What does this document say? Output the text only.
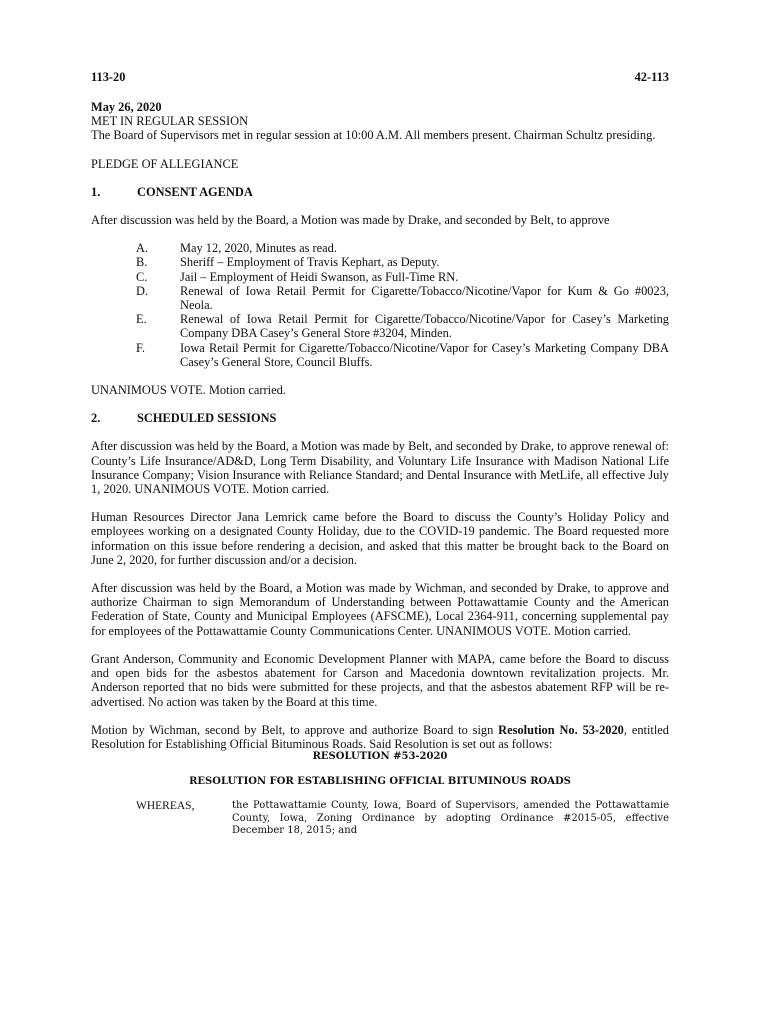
113-20	42-113
May 26, 2020
MET IN REGULAR SESSION

The Board of Supervisors met in regular session at 10:00 A.M. All members present. Chairman Schultz presiding.

PLEDGE OF ALLEGIANCE
1.	CONSENT AGENDA

After discussion was held by the Board, a Motion was made by Drake, and seconded by Belt, to approve

A.	May 12, 2020, Minutes as read.
B.	Sheriff – Employment of Travis Kephart, as Deputy.
C.	Jail – Employment of Heidi Swanson, as Full-Time RN.
D.	Renewal of Iowa Retail Permit for Cigarette/Tobacco/Nicotine/Vapor for Kum & Go #0023, Neola.
E.	Renewal of Iowa Retail Permit for Cigarette/Tobacco/Nicotine/Vapor for Casey’s Marketing Company DBA Casey’s General Store #3204, Minden.
F.	Iowa Retail Permit for Cigarette/Tobacco/Nicotine/Vapor for Casey’s Marketing Company DBA Casey’s General Store, Council Bluffs.

UNANIMOUS VOTE. Motion carried.

2.	SCHEDULED SESSIONS

After discussion was held by the Board, a Motion was made by Belt, and seconded by Drake, to approve renewal of: County’s Life Insurance/AD&D, Long Term Disability, and Voluntary Life Insurance with Madison National Life Insurance Company; Vision Insurance with Reliance Standard; and Dental Insurance with MetLife, all effective July 1, 2020. UNANIMOUS VOTE. Motion carried.

Human Resources Director Jana Lemrick came before the Board to discuss the County’s Holiday Policy and employees working on a designated County Holiday, due to the COVID-19 pandemic. The Board requested more information on this issue before rendering a decision, and asked that this matter be brought back to the Board on June 2, 2020, for further discussion and/or a decision.

After discussion was held by the Board, a Motion was made by Wichman, and seconded by Drake, to approve and authorize Chairman to sign Memorandum of Understanding between Pottawattamie County and the American Federation of State, County and Municipal Employees (AFSCME), Local 2364-911, concerning supplemental pay for employees of the Pottawattamie County Communications Center. UNANIMOUS VOTE. Motion carried.

Grant Anderson, Community and Economic Development Planner with MAPA, came before the Board to discuss and open bids for the asbestos abatement for Carson and Macedonia downtown revitalization projects. Mr. Anderson reported that no bids were submitted for these projects, and that the asbestos abatement RFP will be re-advertised. No action was taken by the Board at this time.

Motion by Wichman, second by Belt, to approve and authorize Board to sign Resolution No. 53-2020, entitled Resolution for Establishing Official Bituminous Roads. Said Resolution is set out as follows:

RESOLUTION #53-2020
RESOLUTION FOR ESTABLISHING OFFICIAL BITUMINOUS ROADS
WHEREAS,	the Pottawattamie County, Iowa, Board of Supervisors, amended the Pottawattamie County, Iowa, Zoning Ordinance by adopting Ordinance #2015-05, effective December 18, 2015; and
